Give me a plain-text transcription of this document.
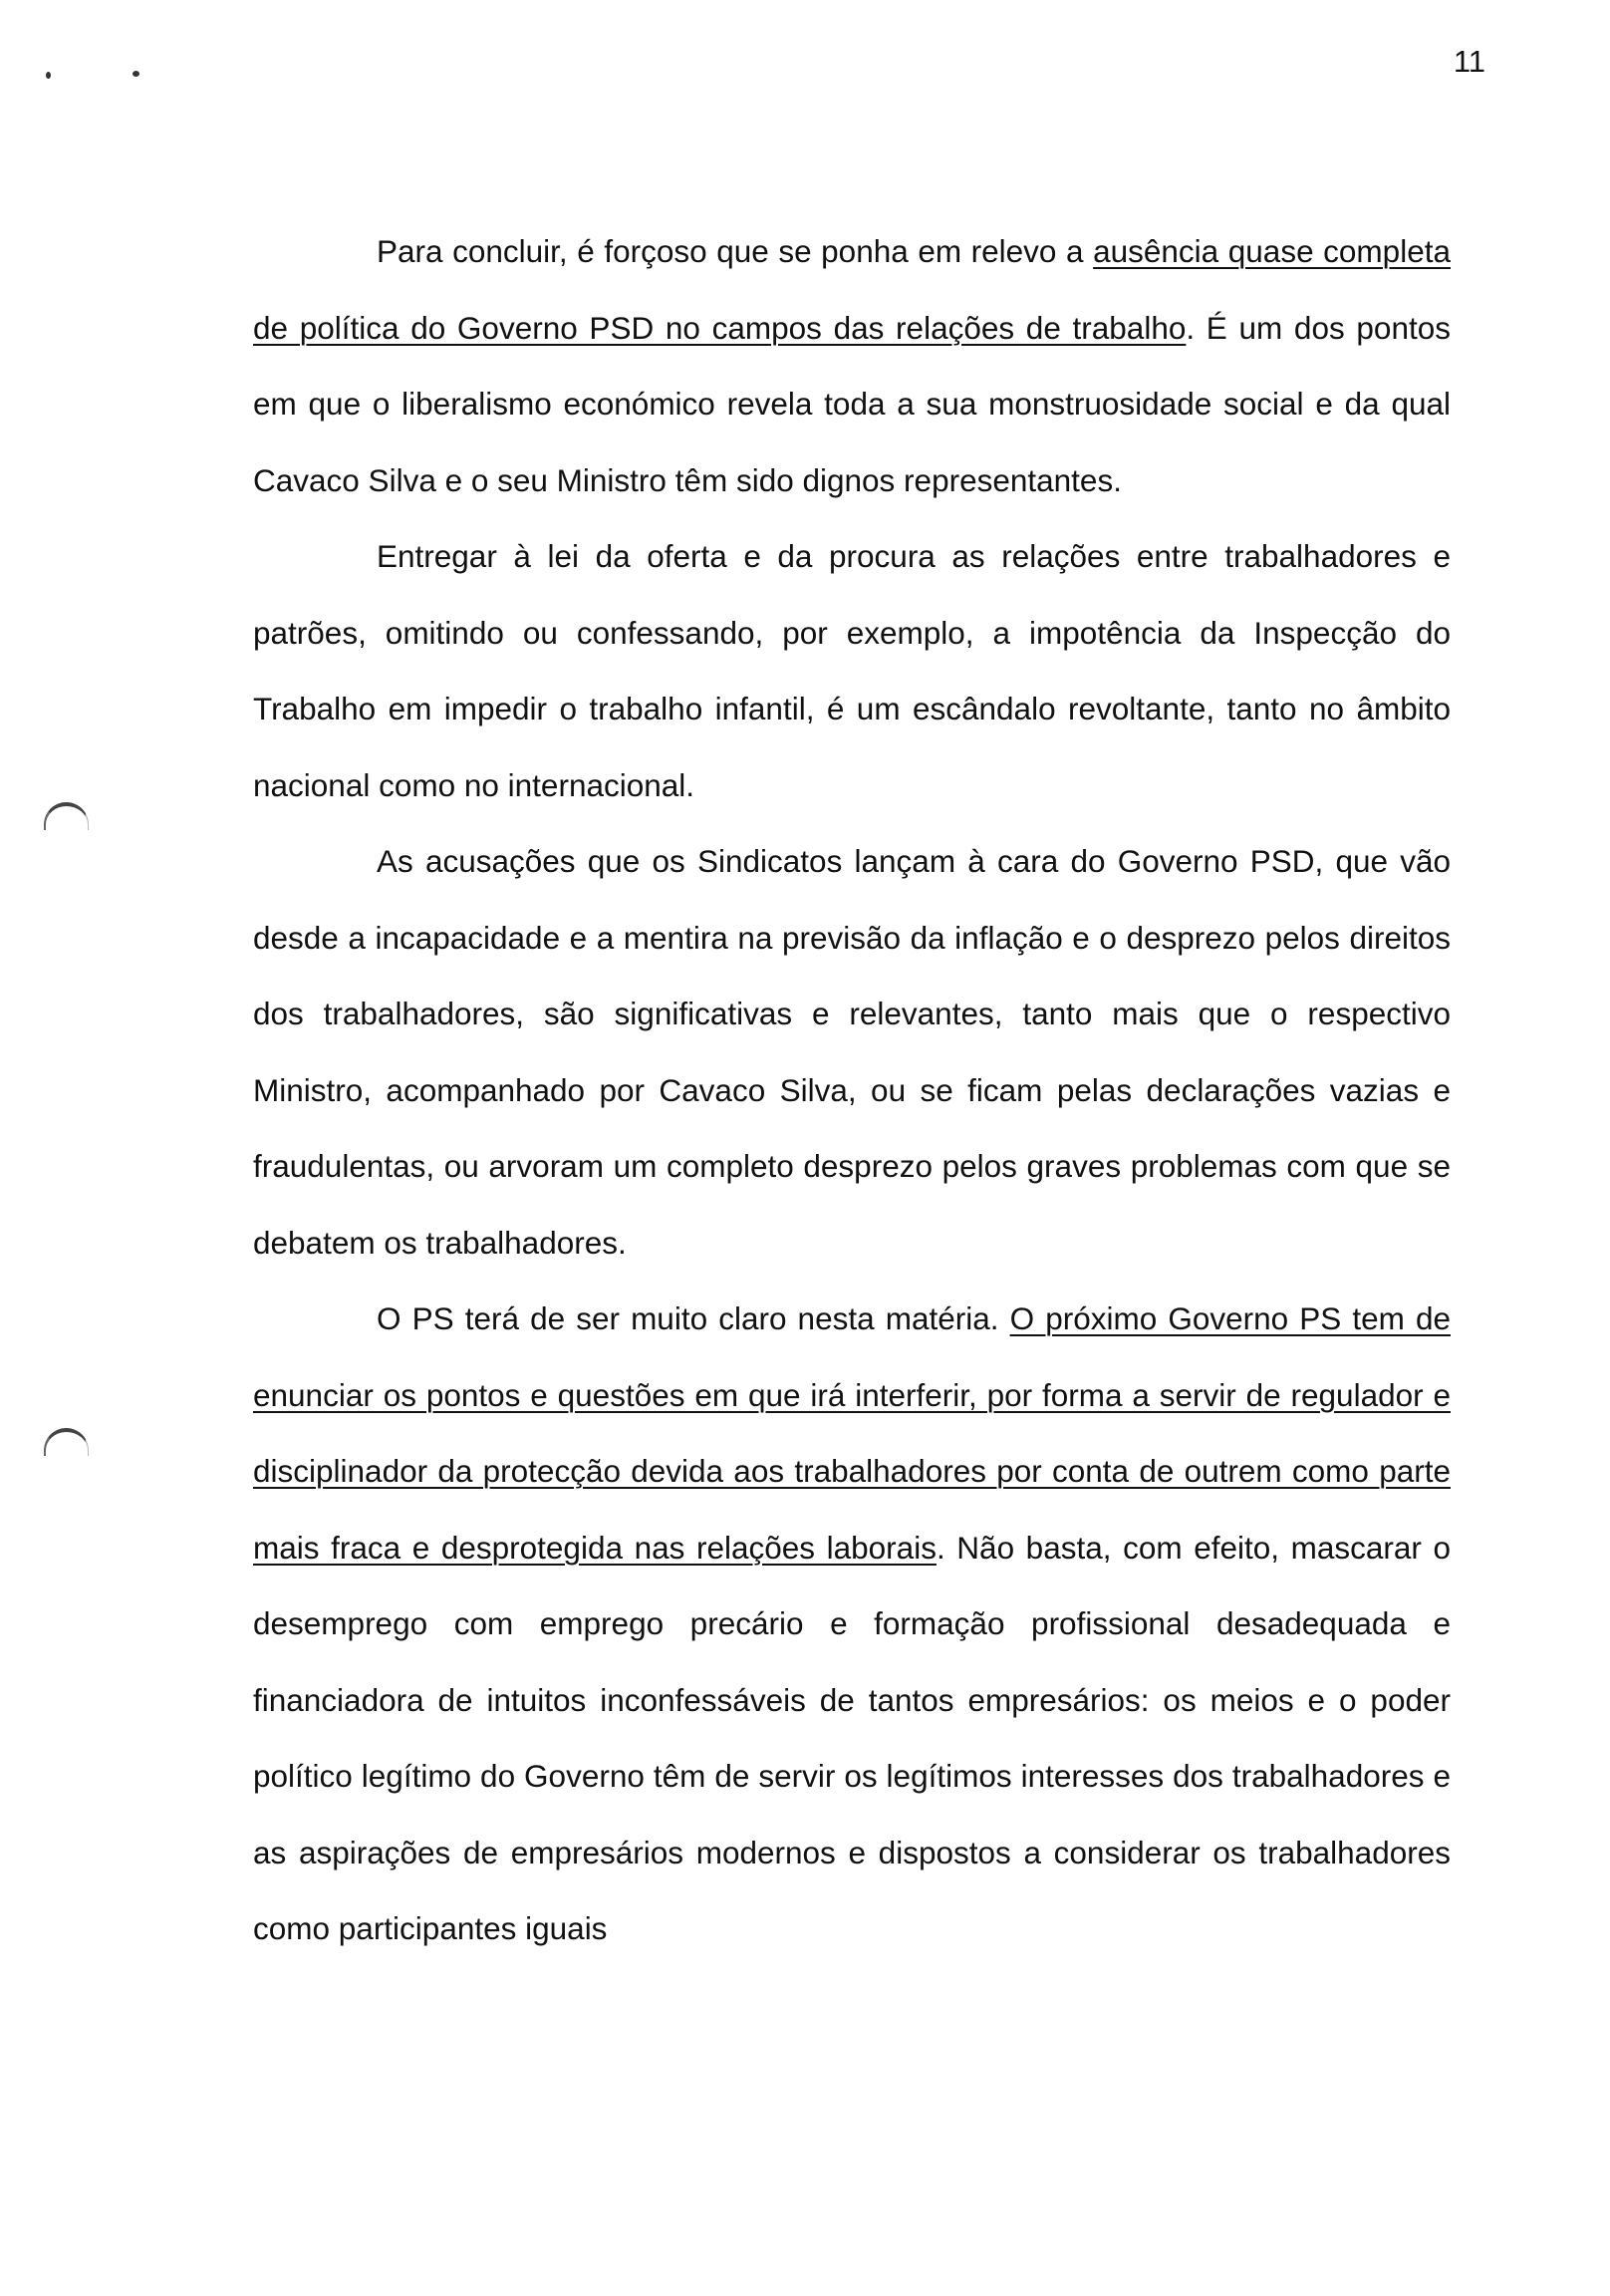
11

Para concluir, é forçoso que se ponha em relevo a ausência quase completa de política do Governo PSD no campos das relações de trabalho. É um dos pontos em que o liberalismo económico revela toda a sua monstruosidade social e da qual Cavaco Silva e o seu Ministro têm sido dignos representantes.

Entregar à lei da oferta e da procura as relações entre trabalhadores e patrões, omitindo ou confessando, por exemplo, a impotência da Inspecção do Trabalho em impedir o trabalho infantil, é um escândalo revoltante, tanto no âmbito nacional como no internacional.

As acusações que os Sindicatos lançam à cara do Governo PSD, que vão desde a incapacidade e a mentira na previsão da inflação e o desprezo pelos direitos dos trabalhadores, são significativas e relevantes, tanto mais que o respectivo Ministro, acompanhado por Cavaco Silva, ou se ficam pelas declarações vazias e fraudulentas, ou arvoram um completo desprezo pelos graves problemas com que se debatem os trabalhadores.

O PS terá de ser muito claro nesta matéria. O próximo Governo PS tem de enunciar os pontos e questões em que irá interferir, por forma a servir de regulador e disciplinador da protecção devida aos trabalhadores por conta de outrem como parte mais fraca e desprotegida nas relações laborais. Não basta, com efeito, mascarar o desemprego com emprego precário e formação profissional desadequada e financiadora de intuitos inconfessáveis de tantos empresários: os meios e o poder político legítimo do Governo têm de servir os legítimos interesses dos trabalhadores e as aspirações de empresários modernos e dispostos a considerar os trabalhadores como participantes iguais
